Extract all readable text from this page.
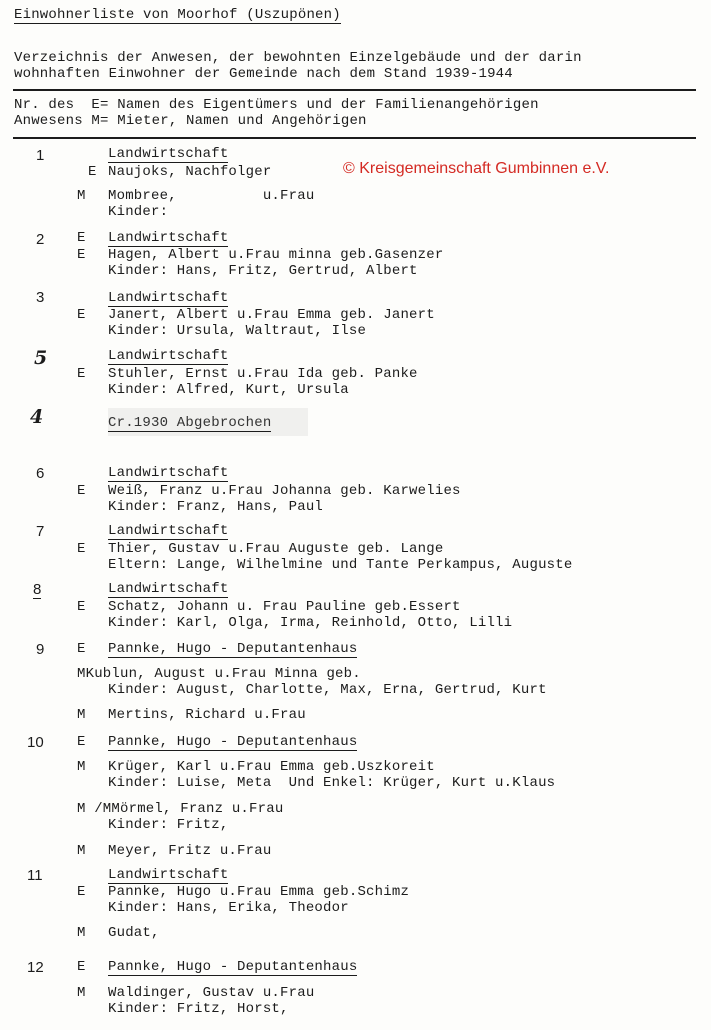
Einwohnerliste von Moorhof (Uszupönen)
Verzeichnis der Anwesen, der bewohnten Einzelgebäude und der darin
wohnhaften Einwohner der Gemeinde nach dem Stand 1939-1944
Nr. des  E= Namen des Eigentümers und der Familienangehörigen
Anwesens M= Mieter, Namen und Angehörigen
© Kreisgemeinschaft Gumbinnen e.V.
1	Landwirtschaft
E Naujoks, Nachfolger
M Mombree,          u.Frau
Kinder:
2 E Landwirtschaft
E Hagen, Albert u.Frau minna geb.Gasenzer
Kinder: Hans, Fritz, Gertrud, Albert
3	Landwirtschaft
E Janert, Albert u.Frau Emma geb. Janert
Kinder: Ursula, Waltraut, Ilse
5	Landwirtschaft
E Stuhler, Ernst u.Frau Ida geb. Panke
Kinder: Alfred, Kurt, Ursula
4	Cr.1930 Abgebrochen
6	Landwirtschaft
E Weiß, Franz u.Frau Johanna geb. Karwelies
Kinder: Franz, Hans, Paul
7	Landwirtschaft
E Thier, Gustav u.Frau Auguste geb. Lange
Eltern: Lange, Wilhelmine und Tante Perkampus, Auguste
8	Landwirtschaft
E Schatz, Johann u. Frau Pauline geb.Essert
Kinder: Karl, Olga, Irma, Reinhold, Otto, Lilli
9 E Pannke, Hugo - Deputantenhaus
MKublun, August u.Frau Minna geb.
Kinder: August, Charlotte, Max, Erna, Gertrud, Kurt
M Mertins, Richard u.Frau
10 E Pannke, Hugo - Deputantenhaus
M Krüger, Karl u.Frau Emma geb.Uszkoreit
Kinder: Luise, Meta  Und Enkel: Krüger, Kurt u.Klaus
M /MMörmel, Franz u.Frau
Kinder: Fritz,
M Meyer, Fritz u.Frau
11	Landwirtschaft
E Pannke, Hugo u.Frau Emma geb.Schimz
Kinder: Hans, Erika, Theodor
M Gudat,
12 E Pannke, Hugo - Deputantenhaus
M Waldinger, Gustav u.Frau
Kinder: Fritz, Horst,
